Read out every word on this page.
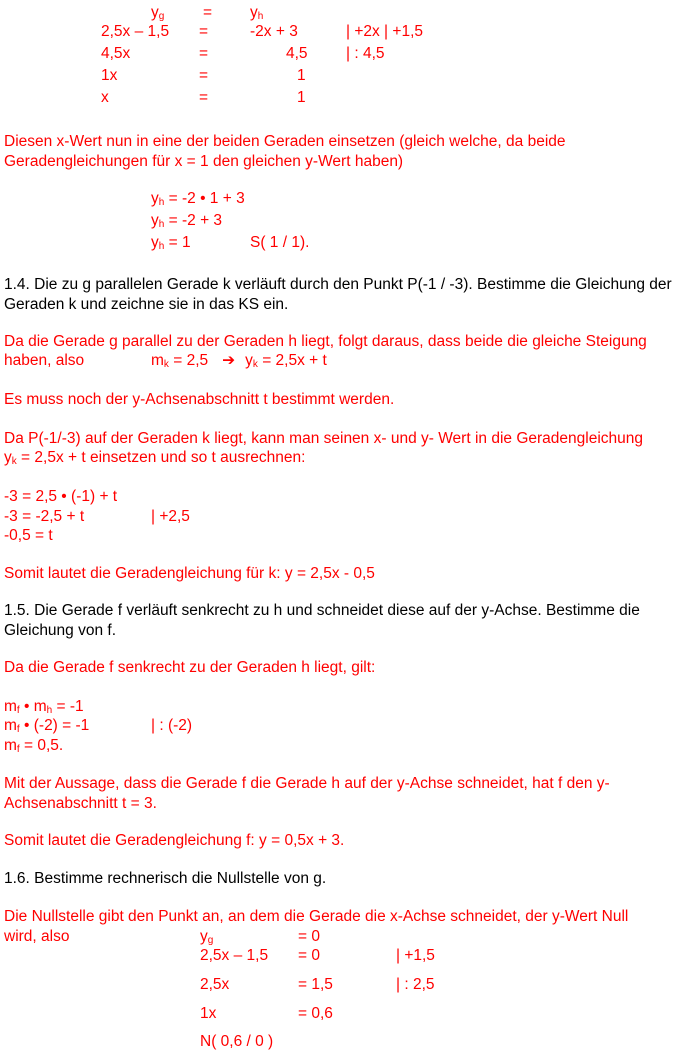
$y_g = y_h$
2,5x – 1,5 =	-2x + 3	| +2x | +1,5
4,5x	=	4,5 | : 4,5
1x	=	1
x	=	1
Diesen x-Wert nun in eine der beiden Geraden einsetzen (gleich welche, da beide Geradengleichungen für x = 1 den gleichen y-Wert haben)
$y_h = -2$ • 1 + 3
$y_h = -2 + 3$
$y_h = 1$	S( 1 / 1).
1.4. Die zu g parallelen Gerade k verläuft durch den Punkt P(-1 / -3). Bestimme die Gleichung der Geraden k und zeichne sie in das KS ein.
Da die Gerade g parallel zu der Geraden h liegt, folgt daraus, dass beide die gleiche Steigung
haben, also	$m_k = 2,5$ ➔ $y_k = 2,5x + t$
Es muss noch der y-Achsenabschnitt t bestimmt werden.
Da P(-1/-3) auf der Geraden k liegt, kann man seinen x- und y- Wert in die Geradengleichung
$y_k = 2,5x + t$ einsetzen und so t ausrechnen:
-3 = 2,5 • (-1) + t
-3 = -2,5 + t	| +2,5
-0,5 = t
Somit lautet die Geradengleichung für k: y = 2,5x - 0,5
1.5. Die Gerade f verläuft senkrecht zu h und schneidet diese auf der y-Achse. Bestimme die Gleichung von f.
Da die Gerade f senkrecht zu der Geraden h liegt, gilt:
$m_f$ • $m_h = -1$
$m_f$ • (-2) = -1	| : (-2)
$m_f = 0,5$.
Mit der Aussage, dass die Gerade f die Gerade h auf der y-Achse schneidet, hat f den y-Achsenabschnitt t = 3.
Somit lautet die Geradengleichung f: y = 0,5x + 3.
1.6. Bestimme rechnerisch die Nullstelle von g.
Die Nullstelle gibt den Punkt an, an dem die Gerade die x-Achse schneidet, der y-Wert Null
wird, also	$y_g$	= 0
2,5x – 1,5 = 0	| +1,5
2,5x	= 1,5	| : 2,5
1x	= 0,6
N( 0,6 / 0 )
